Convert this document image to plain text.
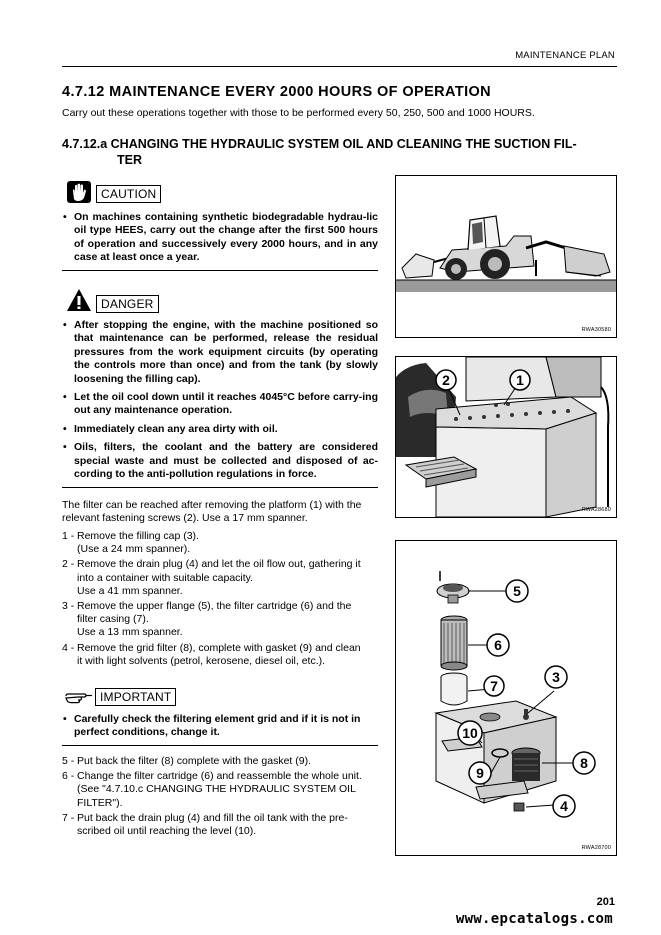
MAINTENANCE PLAN
4.7.12 MAINTENANCE EVERY 2000 HOURS OF OPERATION
Carry out these operations together with those to be performed every 50, 250, 500 and 1000 HOURS.
4.7.12.a CHANGING THE HYDRAULIC SYSTEM OIL AND CLEANING THE SUCTION FIL-
TER
CAUTION
• On machines containing synthetic biodegradable hydrau-lic oil type HEES, carry out the change after the first 500 hours of operation and successively every 2000 hours, and in any case at least once a year.
DANGER
• After stopping the engine, with the machine positioned so that maintenance can be performed, release the residual pressures from the work equipment circuits (by operating the controls more than once) and from the tank (by slowly loosening the filling cap).
• Let the oil cool down until it reaches 4045°C before carry-ing out any maintenance operation.
• Immediately clean any area dirty with oil.
• Oils, filters, the coolant and the battery are considered special waste and must be collected and disposed of ac-cording to the anti-pollution regulations in force.
The filter can be reached after removing the platform (1) with the relevant fastening screws (2). Use a 17 mm spanner.
1 - Remove the filling cap (3).
(Use a 24 mm spanner).
2 - Remove the drain plug (4) and let the oil flow out, gathering it
into a container with suitable capacity.
Use a 41 mm spanner.
3 - Remove the upper flange (5), the filter cartridge (6) and the
filter casing (7).
Use a 13 mm spanner.
4 - Remove the grid filter (8), complete with gasket (9) and clean
it with light solvents (petrol, kerosene, diesel oil, etc.).
IMPORTANT
• Carefully check the filtering element grid and if it is not in perfect conditions, change it.
5 - Put back the filter (8) complete with the gasket (9).
6 - Change the filter cartridge (6) and reassemble the whole unit.
(See "4.7.10.c CHANGING THE HYDRAULIC SYSTEM OIL
FILTER").
7 - Put back the drain plug (4) and fill the oil tank with the pre-
scribed oil until reaching the level (10).
RWA30580
2	1
RWA28680
5
6
7
3
10
8
9
4
RWA28700
201
www.epcatalogs.com
